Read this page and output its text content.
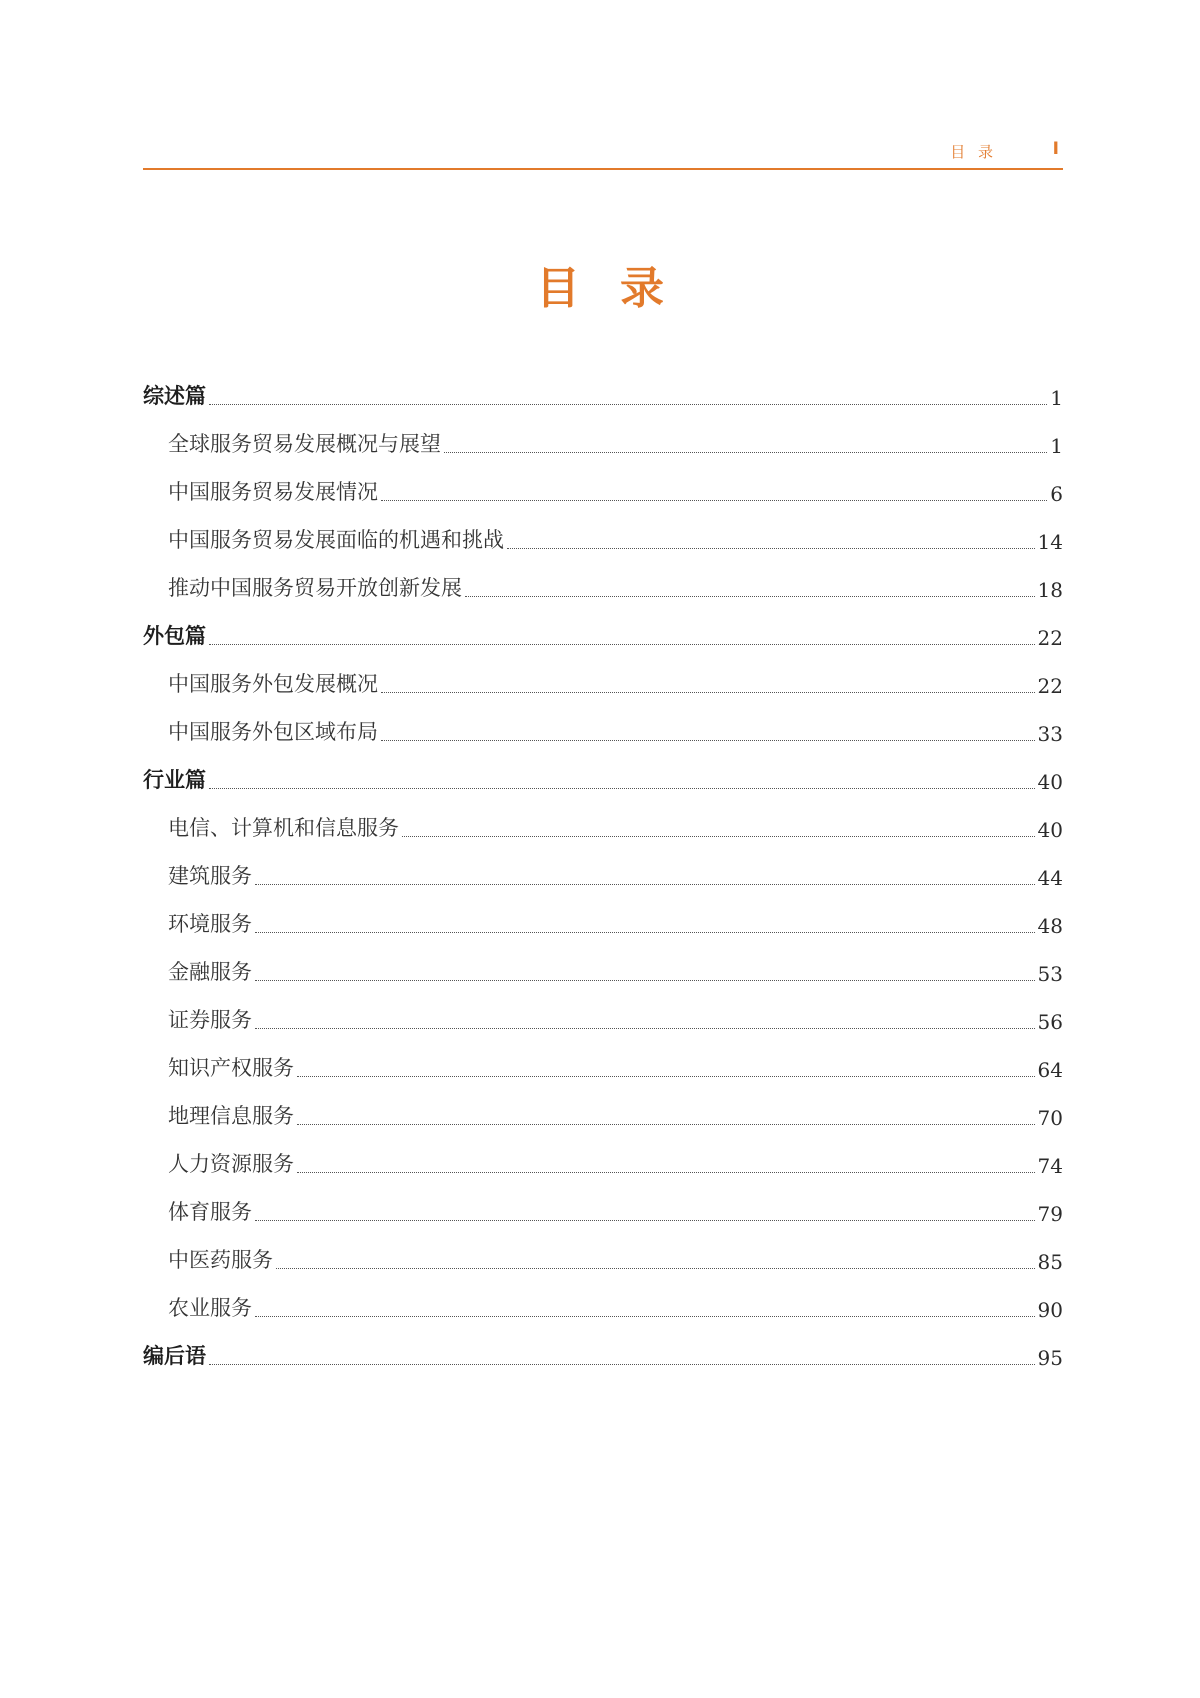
目 录	I
目录
综述篇	1
全球服务贸易发展概况与展望	1
中国服务贸易发展情况	6
中国服务贸易发展面临的机遇和挑战	14
推动中国服务贸易开放创新发展	18
外包篇	22
中国服务外包发展概况	22
中国服务外包区域布局	33
行业篇	40
电信、计算机和信息服务	40
建筑服务	44
环境服务	48
金融服务	53
证券服务	56
知识产权服务	64
地理信息服务	70
人力资源服务	74
体育服务	79
中医药服务	85
农业服务	90
编后语	95
